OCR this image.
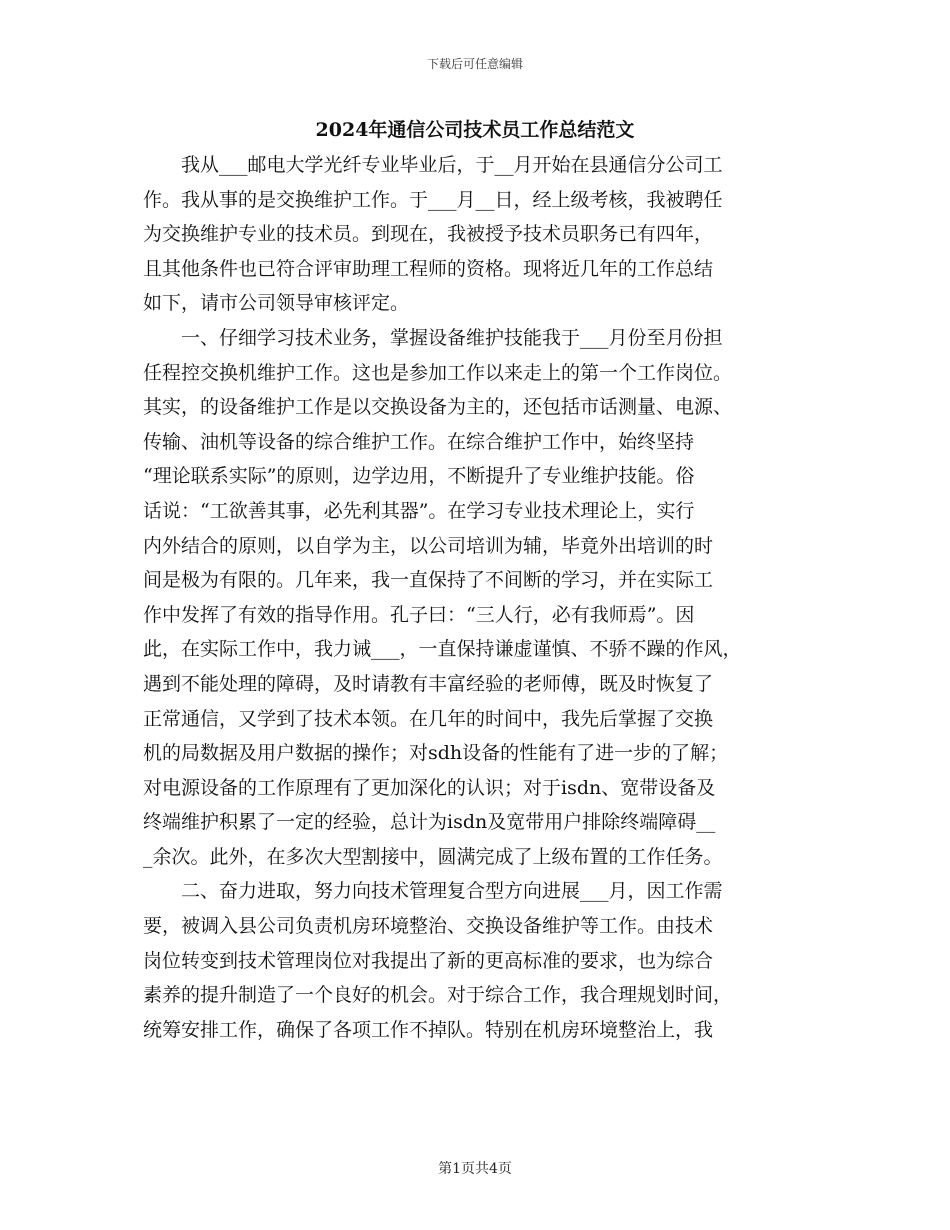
下载后可任意编辑
2024年通信公司技术员工作总结范文
我从___邮电大学光纤专业毕业后，于__月开始在县通信分公司工
作。我从事的是交换维护工作。于___月__日，经上级考核，我被聘任
为交换维护专业的技术员。到现在，我被授予技术员职务已有四年，
且其他条件也已符合评审助理工程师的资格。现将近几年的工作总结
如下，请市公司领导审核评定。
一、仔细学习技术业务，掌握设备维护技能我于___月份至月份担
任程控交换机维护工作。这也是参加工作以来走上的第一个工作岗位。
其实，的设备维护工作是以交换设备为主的，还包括市话测量、电源、
传输、油机等设备的综合维护工作。在综合维护工作中，始终坚持
“理论联系实际”的原则，边学边用，不断提升了专业维护技能。俗
话说：“工欲善其事，必先利其器”。在学习专业技术理论上，实行
内外结合的原则，以自学为主，以公司培训为辅，毕竟外出培训的时
间是极为有限的。几年来，我一直保持了不间断的学习，并在实际工
作中发挥了有效的指导作用。孔子曰：“三人行，必有我师焉”。因
此，在实际工作中，我力诫___，一直保持谦虚谨慎、不骄不躁的作风，
遇到不能处理的障碍，及时请教有丰富经验的老师傅，既及时恢复了
正常通信，又学到了技术本领。在几年的时间中，我先后掌握了交换
机的局数据及用户数据的操作；对sdh设备的性能有了进一步的了解；
对电源设备的工作原理有了更加深化的认识；对于isdn、宽带设备及
终端维护积累了一定的经验，总计为isdn及宽带用户排除终端障碍__
_余次。此外，在多次大型割接中，圆满完成了上级布置的工作任务。
二、奋力进取，努力向技术管理复合型方向进展___月，因工作需
要，被调入县公司负责机房环境整治、交换设备维护等工作。由技术
岗位转变到技术管理岗位对我提出了新的更高标准的要求，也为综合
素养的提升制造了一个良好的机会。对于综合工作，我合理规划时间，
统筹安排工作，确保了各项工作不掉队。特别在机房环境整治上，我
第1页共4页
